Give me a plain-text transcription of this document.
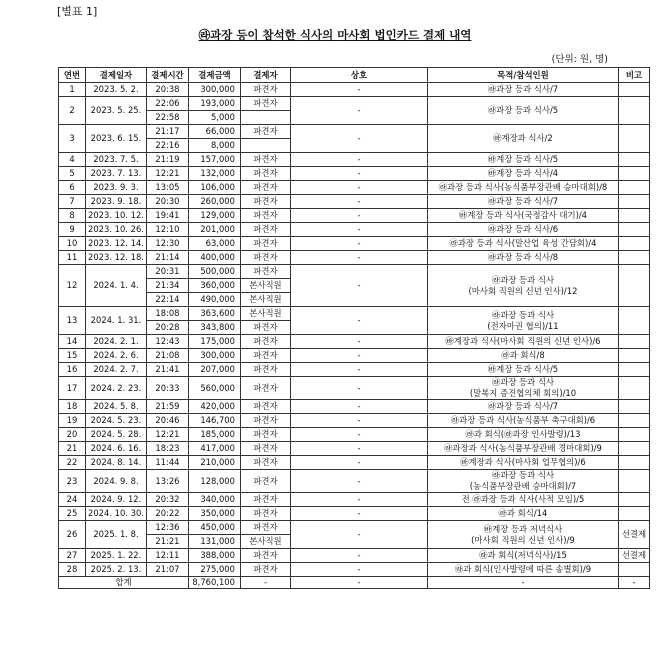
[별표 1]
㉱과장 등이 참석한 식사의 마사회 법인카드 결제 내역
(단위: 원, 명)
연번	결제일자	결제시간	결제금액	결제자	상호	목적/참석인원	비고
1	2023. 5. 2.	20:38	300,000	파견자	-	㉱과장 등과 식사/7	
2	2023. 5. 25.	22:06	193,000	파견자	-	㉱과장 등과 식사/5	
		22:58	5,000				
3	2023. 6. 15.	21:17	66,000	파견자	-	㉳계장과 식사/2	
		22:16	8,000				
4	2023. 7. 5.	21:19	157,000	파견자	-	㉳계장 등과 식사/5	
5	2023. 7. 13.	12:21	132,000	파견자	-	㉳계장 등과 식사/4	
6	2023. 9. 3.	13:05	106,000	파견자	-	㉱과장 등과 식사(농식품부장관배 승마대회)/8	
7	2023. 9. 18.	20:30	260,000	파견자	-	㉱과장 등과 식사/7	
8	2023. 10. 12.	19:41	129,000	파견자	-	㉳계장 등과 식사(국정감사 대기)/4	
9	2023. 10. 26.	12:10	201,000	파견자	-	㉱과장 등과 식사/6	
10	2023. 12. 14.	12:30	63,000	파견자	-	㉱과장 등과 식사(말산업 육성 간담회)/4	
11	2023. 12. 18.	21:14	400,000	파견자	-	㉱과장 등과 식사/8	
12	2024. 1. 4.	20:31	500,000	파견자	-	㉱과장 등과 식사
(마사회 직원의 신년 인사)/12	
		21:34	360,000	본사직원			
		22:14	490,000	본사직원			
13	2024. 1. 31.	18:08	363,600	본사직원	-	㉱과장 등과 식사
(전자마권 협의)/11	
		20:28	343,800	파견자			
14	2024. 2. 1.	12:43	175,000	파견자	-	㉳계장과 식사(마사회 직원의 신년 인사)/6	
15	2024. 2. 6.	21:08	300,000	파견자	-	㉱과 회식/8	
16	2024. 2. 7.	21:41	207,000	파견자	-	㉳계장 등과 식사/5	
17	2024. 2. 23.	20:33	560,000	파견자	-	㉱과장 등과 식사
(말복지 증진협의체 회의)/10	
18	2024. 5. 8.	21:59	420,000	파견자	-	㉱과장 등과 식사/7	
19	2024. 5. 23.	20:46	146,700	파견자	-	㉱과장 등과 식사(농식품부 축구대회)/6	
20	2024. 5. 28.	12:21	185,000	파견자	-	㉱과 회식(㉱과장 인사발령)/13	
21	2024. 6. 16.	18:23	417,000	파견자	-	㉱과장과 식사(농식품부장관배 경마대회)/9	
22	2024. 8. 14.	11:44	210,000	파견자	-	㉳계장과 식사(마사회 업무협의)/6	
23	2024. 9. 8.	13:26	128,000	파견자	-	㉱과장 등과 식사
(농식품부장관배 승마대회)/7	
24	2024. 9. 12.	20:32	340,000	파견자	-	전 ㉱과장 등과 식사(사적 모임)/5	
25	2024. 10. 30.	20:22	350,000	파견자	-	㉱과 회식/14	
26	2025. 1. 8.	12:36	450,000	파견자	-	㉳계장 등과 저녁식사
(마사회 직원의 신년 인사)/9	선결제
		21:21	131,000	본사직원			
27	2025. 1. 22.	12:11	388,000	파견자	-	㉱과 회식(저녁식사)/15	선결제
28	2025. 2. 13.	21:07	275,000	파견자	-	㉱과 회식(인사발령에 따른 송별회)/9	
합계			8,760,100	-	-	-	-
